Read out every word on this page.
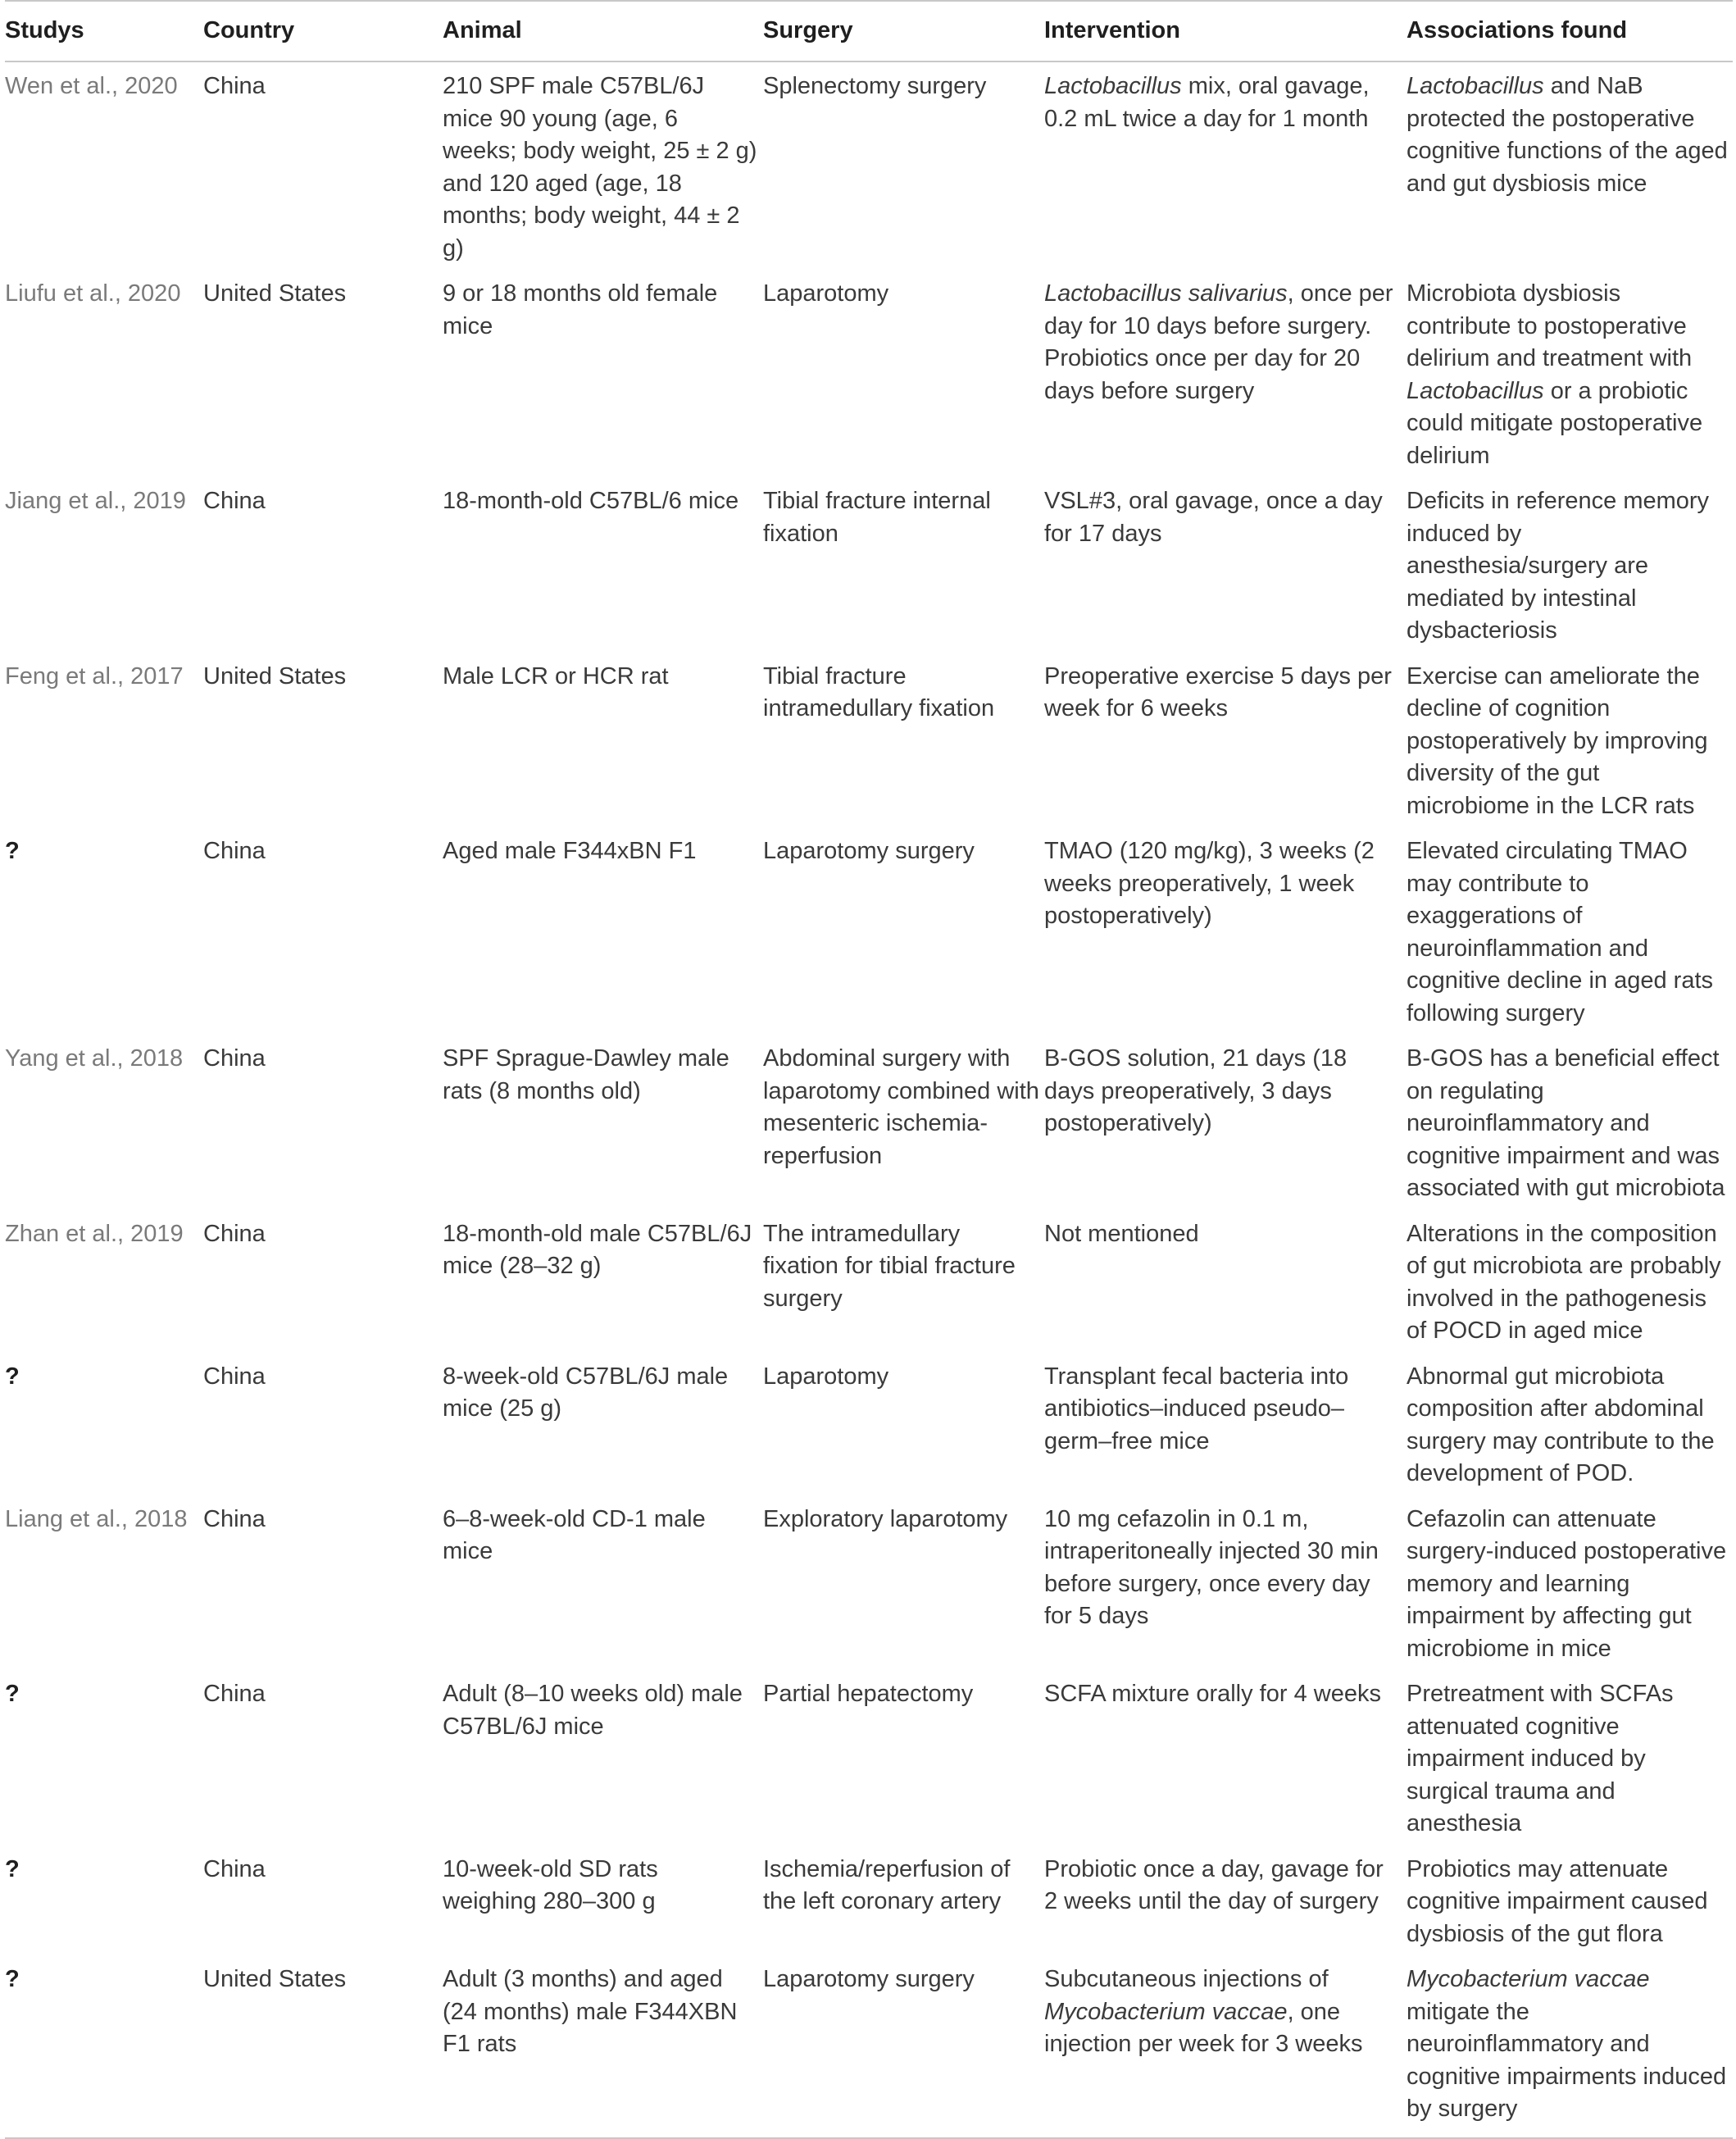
Studys	Country	Animal	Surgery	Intervention	Associations found
Wen et al., 2020	China	210 SPF male C57BL/6J mice 90 young (age, 6 weeks; body weight, 25 ± 2 g) and 120 aged (age, 18 months; body weight, 44 ± 2 g)	Splenectomy surgery	Lactobacillus mix, oral gavage, 0.2 mL twice a day for 1 month	Lactobacillus and NaB protected the postoperative cognitive functions of the aged and gut dysbiosis mice
Liufu et al., 2020	United States	9 or 18 months old female mice	Laparotomy	Lactobacillus salivarius, once per day for 10 days before surgery. Probiotics once per day for 20 days before surgery	Microbiota dysbiosis contribute to postoperative delirium and treatment with Lactobacillus or a probiotic could mitigate postoperative delirium
Jiang et al., 2019	China	18-month-old C57BL/6 mice	Tibial fracture internal fixation	VSL#3, oral gavage, once a day for 17 days	Deficits in reference memory induced by anesthesia/surgery are mediated by intestinal dysbacteriosis
Feng et al., 2017	United States	Male LCR or HCR rat	Tibial fracture intramedullary fixation	Preoperative exercise 5 days per week for 6 weeks	Exercise can ameliorate the decline of cognition postoperatively by improving diversity of the gut microbiome in the LCR rats
?	China	Aged male F344xBN F1	Laparotomy surgery	TMAO (120 mg/kg), 3 weeks (2 weeks preoperatively, 1 week postoperatively)	Elevated circulating TMAO may contribute to exaggerations of neuroinflammation and cognitive decline in aged rats following surgery
Yang et al., 2018	China	SPF Sprague-Dawley male rats (8 months old)	Abdominal surgery with laparotomy combined with mesenteric ischemia-reperfusion	B-GOS solution, 21 days (18 days preoperatively, 3 days postoperatively)	B-GOS has a beneficial effect on regulating neuroinflammatory and cognitive impairment and was associated with gut microbiota
Zhan et al., 2019	China	18-month-old male C57BL/6J mice (28–32 g)	The intramedullary fixation for tibial fracture surgery	Not mentioned	Alterations in the composition of gut microbiota are probably involved in the pathogenesis of POCD in aged mice
?	China	8-week-old C57BL/6J male mice (25 g)	Laparotomy	Transplant fecal bacteria into antibiotics–induced pseudo–germ–free mice	Abnormal gut microbiota composition after abdominal surgery may contribute to the development of POD.
Liang et al., 2018	China	6–8-week-old CD-1 male mice	Exploratory laparotomy	10 mg cefazolin in 0.1 m, intraperitoneally injected 30 min before surgery, once every day for 5 days	Cefazolin can attenuate surgery-induced postoperative memory and learning impairment by affecting gut microbiome in mice
?	China	Adult (8–10 weeks old) male C57BL/6J mice	Partial hepatectomy	SCFA mixture orally for 4 weeks	Pretreatment with SCFAs attenuated cognitive impairment induced by surgical trauma and anesthesia
?	China	10-week-old SD rats weighing 280–300 g	Ischemia/reperfusion of the left coronary artery	Probiotic once a day, gavage for 2 weeks until the day of surgery	Probiotics may attenuate cognitive impairment caused dysbiosis of the gut flora
?	United States	Adult (3 months) and aged (24 months) male F344XBN F1 rats	Laparotomy surgery	Subcutaneous injections of Mycobacterium vaccae, one injection per week for 3 weeks	Mycobacterium vaccae mitigate the neuroinflammatory and cognitive impairments induced by surgery
